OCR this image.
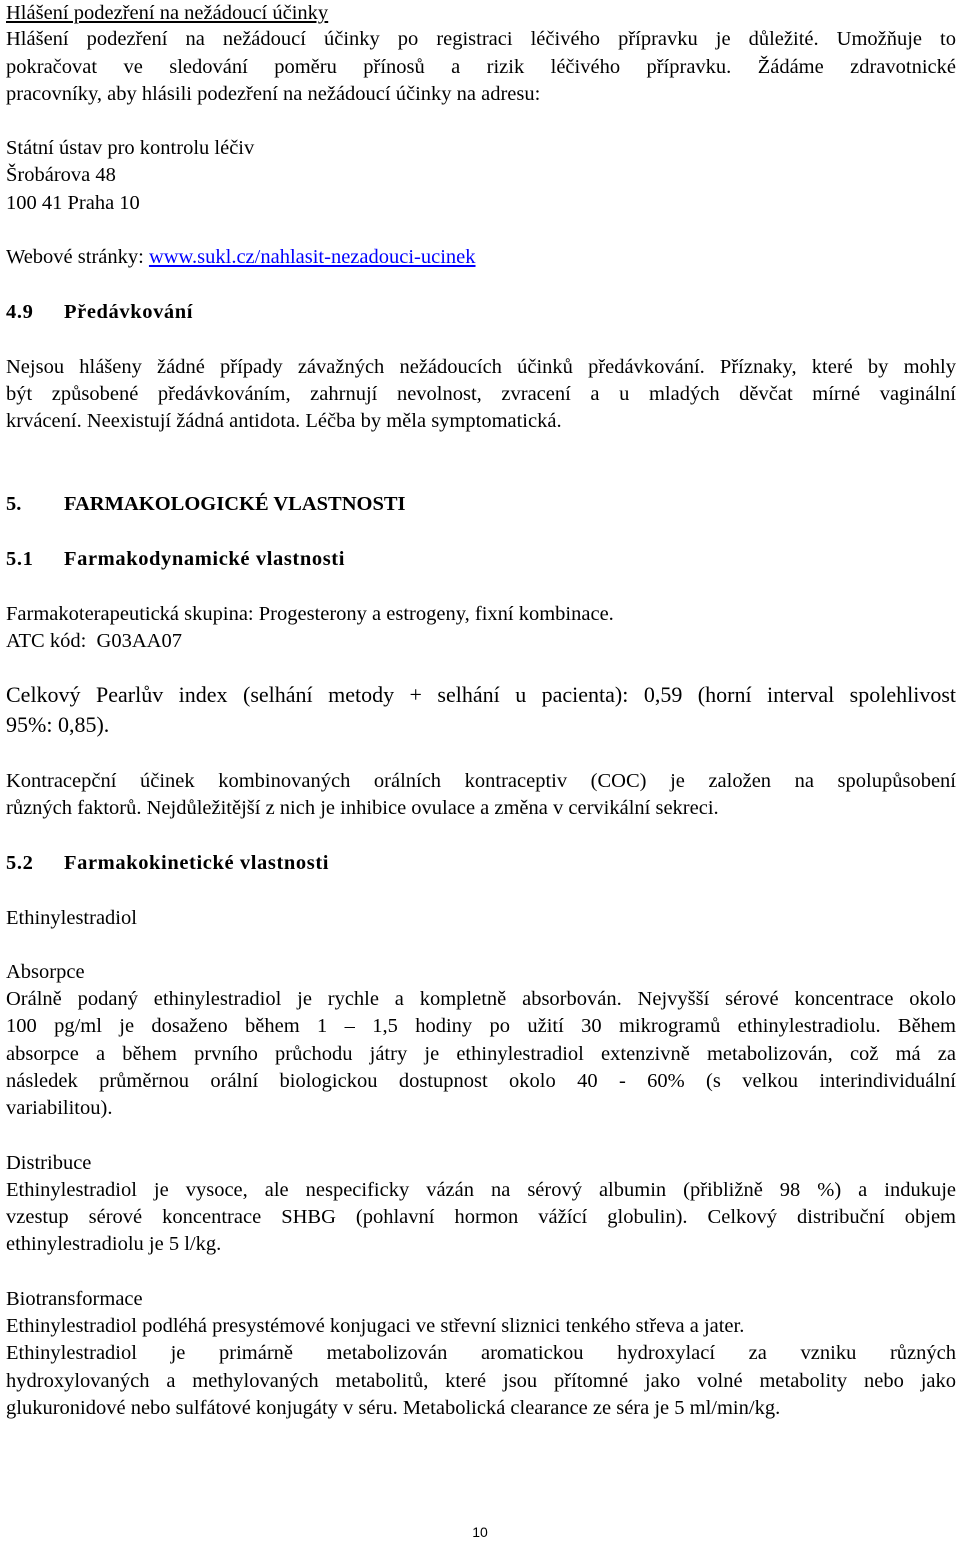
Hlášení podezření na nežádoucí účinky
Hlášení podezření na nežádoucí účinky po registraci léčivého přípravku je důležité. Umožňuje to
pokračovat ve sledování poměru přínosů a rizik léčivého přípravku. Žádáme zdravotnické
pracovníky, aby hlásili podezření na nežádoucí účinky na adresu:
Státní ústav pro kontrolu léčiv
Šrobárova 48
100 41 Praha 10
Webové stránky: www.sukl.cz/nahlasit-nezadouci-ucinek
4.9 Předávkování
Nejsou hlášeny žádné případy závažných nežádoucích účinků předávkování. Příznaky, které by mohly
být způsobené předávkováním, zahrnují nevolnost, zvracení a u mladých děvčat mírné vaginální
krvácení. Neexistují žádná antidota. Léčba by měla symptomatická.
5. FARMAKOLOGICKÉ VLASTNOSTI
5.1 Farmakodynamické vlastnosti
Farmakoterapeutická skupina: Progesterony a estrogeny, fixní kombinace.
ATC kód:  G03AA07
Celkový Pearlův index (selhání metody + selhání u pacienta): 0,59 (horní interval spolehlivost
95%: 0,85).
Kontracepční účinek kombinovaných orálních kontraceptiv (COC) je založen na spolupůsobení
různých faktorů. Nejdůležitější z nich je inhibice ovulace a změna v cervikální sekreci.
5.2 Farmakokinetické vlastnosti
Ethinylestradiol
Absorpce
Orálně podaný ethinylestradiol je rychle a kompletně absorbován. Nejvyšší sérové koncentrace okolo
100 pg/ml je dosaženo během 1 – 1,5 hodiny po užití 30 mikrogramů ethinylestradiolu. Během
absorpce a během prvního průchodu játry je ethinylestradiol extenzivně metabolizován, což má za
následek průměrnou orální biologickou dostupnost okolo 40 - 60% (s velkou interindividuální
variabilitou).
Distribuce
Ethinylestradiol je vysoce, ale nespecificky vázán na sérový albumin (přibližně 98 %) a indukuje
vzestup sérové koncentrace SHBG (pohlavní hormon vážící globulin). Celkový distribuční objem
ethinylestradiolu je 5 l/kg.
Biotransformace
Ethinylestradiol podléhá presystémové konjugaci ve střevní sliznici tenkého střeva a jater.
Ethinylestradiol je primárně metabolizován aromatickou hydroxylací za vzniku různých
hydroxylovaných a methylovaných metabolitů, které jsou přítomné jako volné metabolity nebo jako
glukuronidové nebo sulfátové konjugáty v séru. Metabolická clearance ze séra je 5 ml/min/kg.
10
